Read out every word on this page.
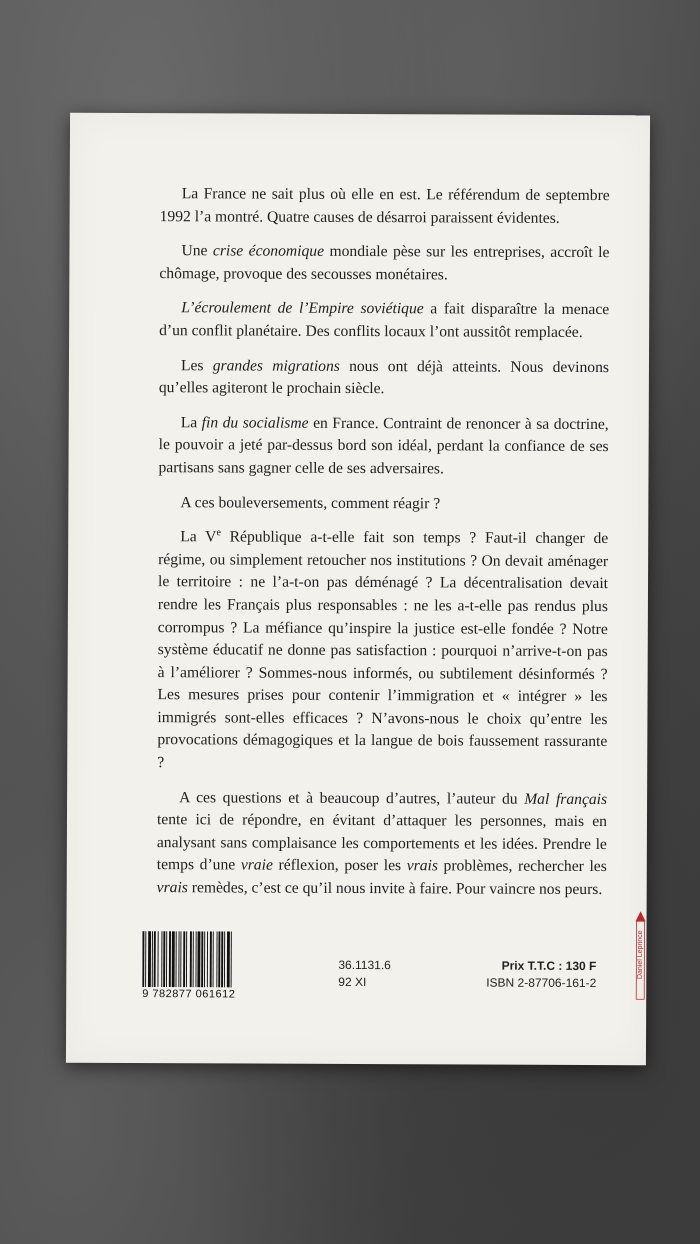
La France ne sait plus où elle en est. Le référendum de septembre 1992 l’a montré. Quatre causes de désarroi paraissent évidentes.

Une crise économique mondiale pèse sur les entreprises, accroît le chômage, provoque des secousses monétaires.

L’écroulement de l’Empire soviétique a fait disparaître la menace d’un conflit planétaire. Des conflits locaux l’ont aussitôt remplacée.

Les grandes migrations nous ont déjà atteints. Nous devinons qu’elles agiteront le prochain siècle.

La fin du socialisme en France. Contraint de renoncer à sa doctrine, le pouvoir a jeté par-dessus bord son idéal, perdant la confiance de ses partisans sans gagner celle de ses adversaires.

A ces bouleversements, comment réagir ?

La Ve République a-t-elle fait son temps ? Faut-il changer de régime, ou simplement retoucher nos institutions ? On devait aménager le territoire : ne l’a-t-on pas déménagé ? La décentralisation devait rendre les Français plus responsables : ne les a-t-elle pas rendus plus corrompus ? La méfiance qu’inspire la justice est-elle fondée ? Notre système éducatif ne donne pas satisfaction : pourquoi n’arrive-t-on pas à l’améliorer ? Sommes-nous informés, ou subtilement désinformés ? Les mesures prises pour contenir l’immigration et « intégrer » les immigrés sont-elles efficaces ? N’avons-nous le choix qu’entre les provocations démagogiques et la langue de bois faussement rassurante ?

A ces questions et à beaucoup d’autres, l’auteur du Mal français tente ici de répondre, en évitant d’attaquer les personnes, mais en analysant sans complaisance les comportements et les idées. Prendre le temps d’une vraie réflexion, poser les vrais problèmes, rechercher les vrais remèdes, c’est ce qu’il nous invite à faire. Pour vaincre nos peurs.

9 782877 061612
36.1131.6
92 XI
Prix T.T.C : 130 F
ISBN 2-87706-161-2
Daniel Leprince
